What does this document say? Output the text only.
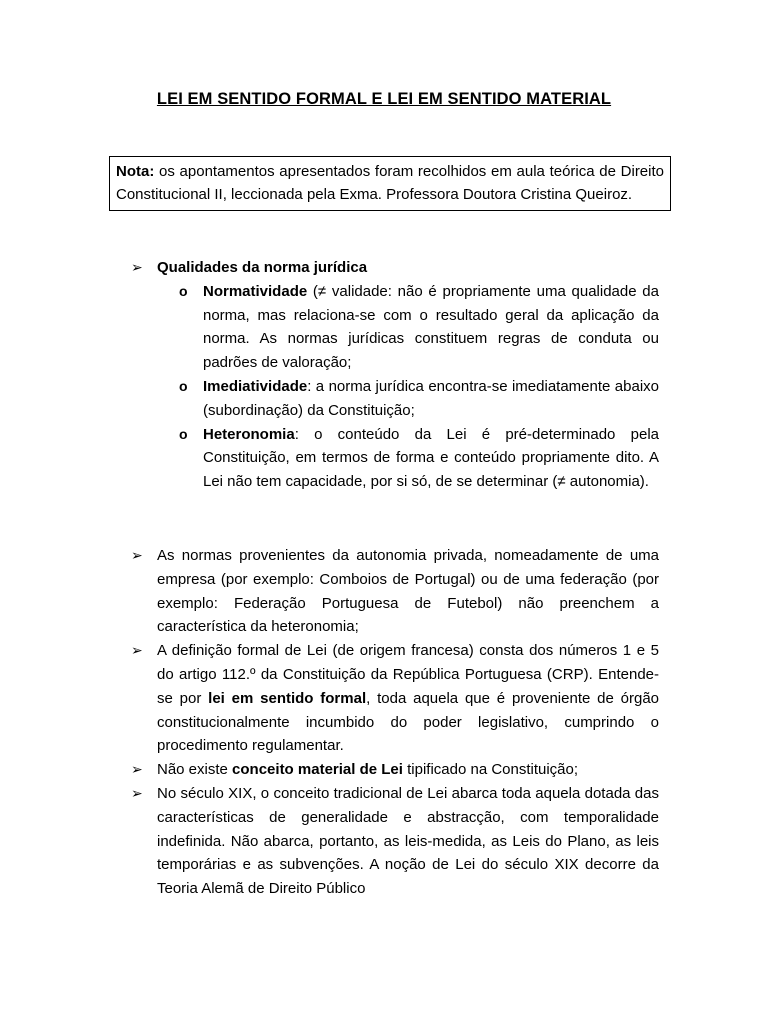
LEI EM SENTIDO FORMAL E LEI EM SENTIDO MATERIAL
Nota: os apontamentos apresentados foram recolhidos em aula teórica de Direito Constitucional II, leccionada pela Exma. Professora Doutora Cristina Queiroz.
➢ Qualidades da norma jurídica
o Normatividade (≠ validade: não é propriamente uma qualidade da norma, mas relaciona-se com o resultado geral da aplicação da norma. As normas jurídicas constituem regras de conduta ou padrões de valoração;
o Imediatividade: a norma jurídica encontra-se imediatamente abaixo (subordinação) da Constituição;
o Heteronomia: o conteúdo da Lei é pré-determinado pela Constituição, em termos de forma e conteúdo propriamente dito. A Lei não tem capacidade, por si só, de se determinar (≠ autonomia).
➢ As normas provenientes da autonomia privada, nomeadamente de uma empresa (por exemplo: Comboios de Portugal) ou de uma federação (por exemplo: Federação Portuguesa de Futebol) não preenchem a característica da heteronomia;
➢ A definição formal de Lei (de origem francesa) consta dos números 1 e 5 do artigo 112.º da Constituição da República Portuguesa (CRP). Entende-se por lei em sentido formal, toda aquela que é proveniente de órgão constitucionalmente incumbido do poder legislativo, cumprindo o procedimento regulamentar.
➢ Não existe conceito material de Lei tipificado na Constituição;
➢ No século XIX, o conceito tradicional de Lei abarca toda aquela dotada das características de generalidade e abstracção, com temporalidade indefinida. Não abarca, portanto, as leis-medida, as Leis do Plano, as leis temporárias e as subvenções. A noção de Lei do século XIX decorre da Teoria Alemã de Direito Público
